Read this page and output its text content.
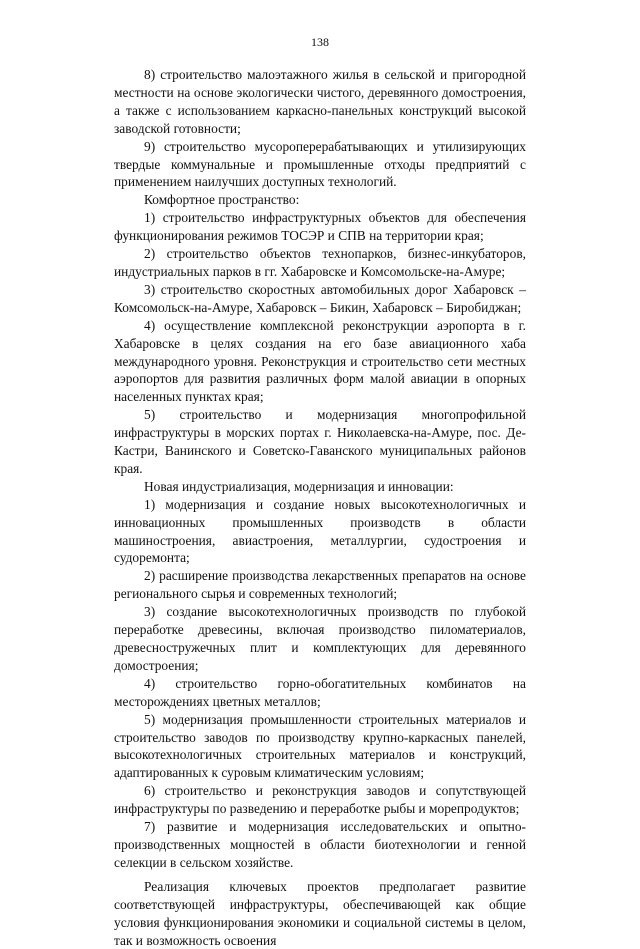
138

8) строительство малоэтажного жилья в сельской и пригородной местности на основе экологически чистого, деревянного домостроения, а также с использованием каркасно-панельных конструкций высокой заводской готовности;

9) строительство мусороперерабатывающих и утилизирующих твердые коммунальные и промышленные отходы предприятий с применением наилучших доступных технологий.

Комфортное пространство:

1) строительство инфраструктурных объектов для обеспечения функционирования режимов ТОСЭР и СПВ на территории края;

2) строительство объектов технопарков, бизнес-инкубаторов, индустриальных парков в гг. Хабаровске и Комсомольске-на-Амуре;

3) строительство скоростных автомобильных дорог Хабаровск – Комсомольск-на-Амуре, Хабаровск – Бикин, Хабаровск – Биробиджан;

4) осуществление комплексной реконструкции аэропорта в г. Хабаровске в целях создания на его базе авиационного хаба международного уровня. Реконструкция и строительство сети местных аэропортов для развития различных форм малой авиации в опорных населенных пунктах края;

5) строительство и модернизация многопрофильной инфраструктуры в морских портах г. Николаевска-на-Амуре, пос. Де-Кастри, Ванинского и Советско-Гаванского муниципальных районов края.

Новая индустриализация, модернизация и инновации:

1) модернизация и создание новых высокотехнологичных и инновационных промышленных производств в области машиностроения, авиастроения, металлургии, судостроения и судоремонта;

2) расширение производства лекарственных препаратов на основе регионального сырья и современных технологий;

3) создание высокотехнологичных производств по глубокой переработке древесины, включая производство пиломатериалов, древесностружечных плит и комплектующих для деревянного домостроения;

4) строительство горно-обогатительных комбинатов на месторождениях цветных металлов;

5) модернизация промышленности строительных материалов и строительство заводов по производству крупно-каркасных панелей, высокотехнологичных строительных материалов и конструкций, адаптированных к суровым климатическим условиям;

6) строительство и реконструкция заводов и сопутствующей инфраструктуры по разведению и переработке рыбы и морепродуктов;

7) развитие и модернизация исследовательских и опытно-производственных мощностей в области биотехнологии и генной селекции в сельском хозяйстве.

Реализация ключевых проектов предполагает развитие соответствующей инфраструктуры, обеспечивающей как общие условия функционирования экономики и социальной системы в целом, так и возможность освоения
